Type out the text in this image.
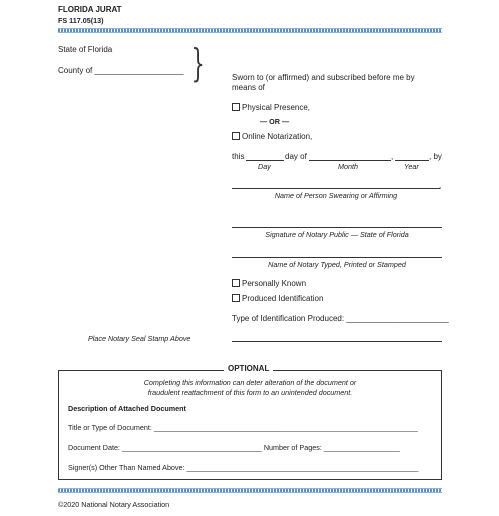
FLORIDA JURAT
FS 117.05(13)
State of Florida
County of ____________________ }	Sworn to (or affirmed) and subscribed before me by
means of
Physical Presence,
— OR —
Online Notarization,
this	day of	,	, by
Day	Month	Year
,
Name of Person Swearing or Affirming
Signature of Notary Public — State of Florida
Name of Notary Typed, Printed or Stamped
Personally Known
Produced Identification
Type of Identification Produced: _______________________
Place Notary Seal Stamp Above
OPTIONAL
Completing this information can deter alteration of the document or
fraudulent reattachment of this form to an unintended document.
Description of Attached Document
Title or Type of Document: __________________________________________________________________
Document Date: ___________________________________ Number of Pages: ___________________
Signer(s) Other Than Named Above: __________________________________________________________
©2020 National Notary Association
